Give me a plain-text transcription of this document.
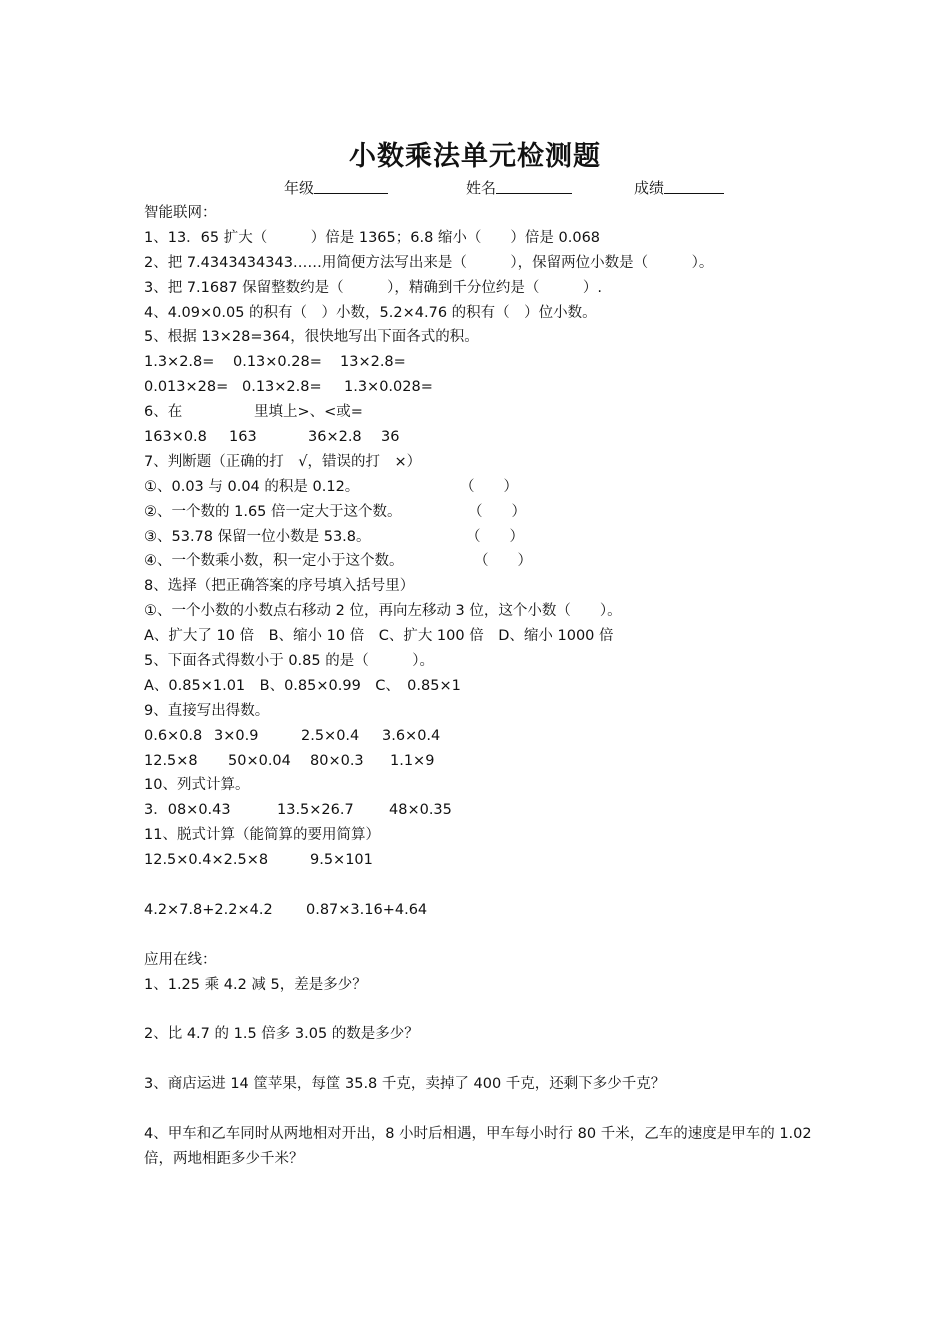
小数乘法单元检测题
年级	姓名	成绩
智能联网：
1、13．65 扩大（　　　）倍是 1365；6.8 缩小（　　）倍是 0.068
2、把 7.4343434343……用简便方法写出来是（　　　），保留两位小数是（　　　）。
3、把 7.1687 保留整数约是（　　　），精确到千分位约是（　　　）.
4、4.09×0.05 的积有（　）小数，5.2×4.76 的积有（　）位小数。
5、根据 13×28=364，很快地写出下面各式的积。
1.3×2.8= 0.13×0.28= 13×2.8=
0.013×28= 0.13×2.8= 1.3×0.028=
6、在	里填上>、<或=
163×0.8 163	36×2.8 36
7、判断题（正确的打　√，错误的打　×）
①、0.03 与 0.04 的积是 0.12。	（　　）
②、一个数的 1.65 倍一定大于这个数。	（　　）
③、53.78 保留一位小数是 53.8。	（　　）
④、一个数乘小数，积一定小于这个数。	（　　）
8、选择（把正确答案的序号填入括号里）
①、一个小数的小数点右移动 2 位，再向左移动 3 位，这个小数（　　）。
A、扩大了 10 倍　B、缩小 10 倍　C、扩大 100 倍　D、缩小 1000 倍
5、下面各式得数小于 0.85 的是（　　　）。
A、0.85×1.01　B、0.85×0.99　C、　0.85×1
9、直接写出得数。
0.6×0.8 3×0.9	2.5×0.4 3.6×0.4
12.5×8 50×0.04 80×0.3 1.1×9
10、列式计算。
3．08×0.43	13.5×26.7 48×0.35
11、脱式计算（能简算的要用简算）
12.5×0.4×2.5×8	9.5×101
4.2×7.8+2.2×4.2 0.87×3.16+4.64
应用在线：
1、1.25 乘 4.2 减 5，差是多少？
2、比 4.7 的 1.5 倍多 3.05 的数是多少？
3、商店运进 14 筐苹果，每筐 35.8 千克，卖掉了 400 千克，还剩下多少千克？
4、甲车和乙车同时从两地相对开出，8 小时后相遇，甲车每小时行 80 千米，乙车的速度是甲车的 1.02 倍，两地相距多少千米？
